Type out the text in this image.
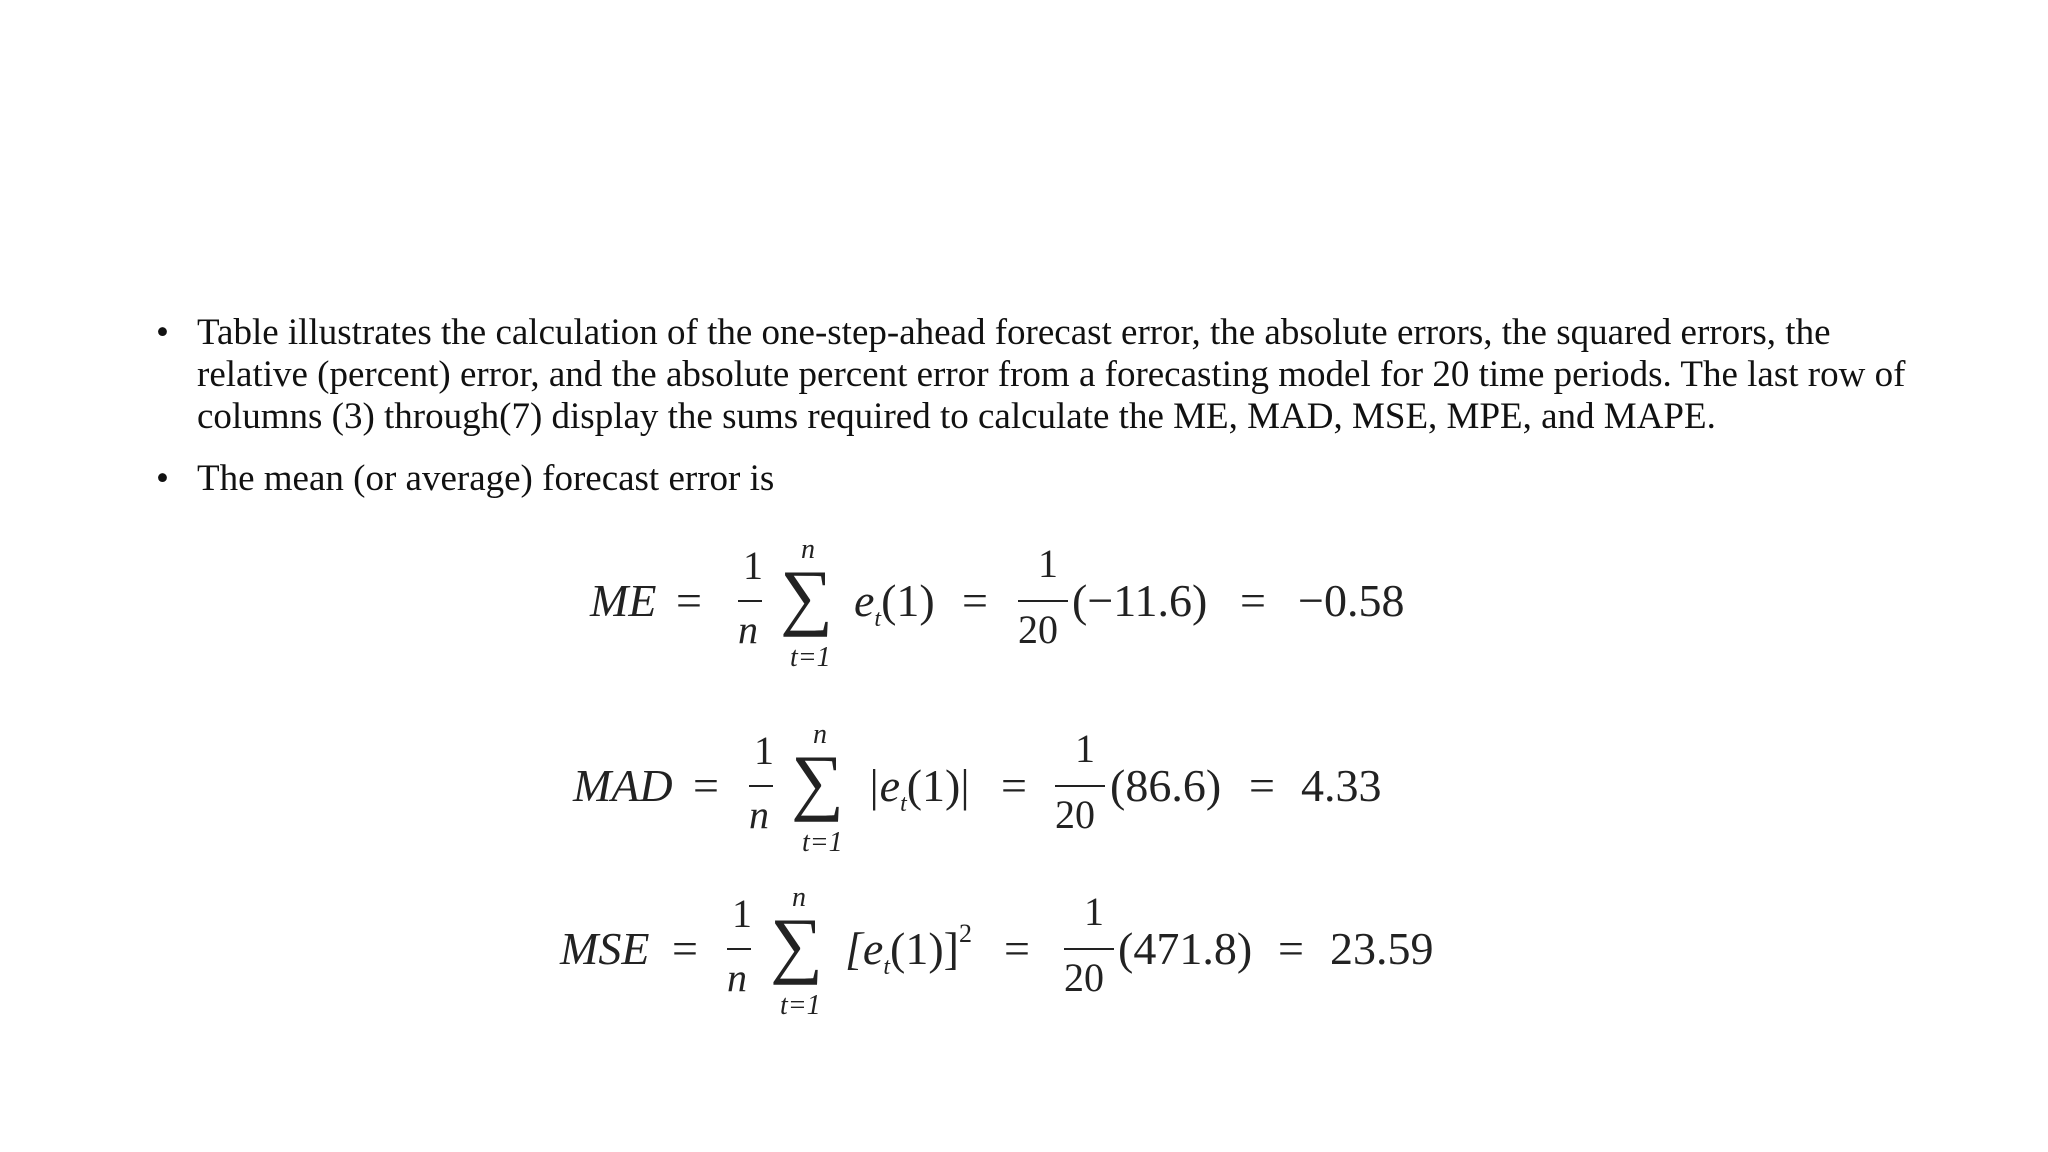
• Table illustrates the calculation of the one-step-ahead forecast error, the absolute errors, the squared errors, the relative (percent) error, and the absolute percent error from a forecasting model for 20 time periods. The last row of columns (3) through(7) display the sums required to calculate the ME, MAD, MSE, MPE, and MAPE.
• The mean (or average) forecast error is
ME =
1
n
n
∑
t=1
$e_t(1)$ =
1
20
(−11.6) = −0.58
MAD =
1
n
n
∑
t=1
$|e_t(1)|$ =
1
20
(86.6) = 4.33
MSE =
1
n
n
∑
t=1
$[e_t(1)]^2$ =
1
20
(471.8) = 23.59
